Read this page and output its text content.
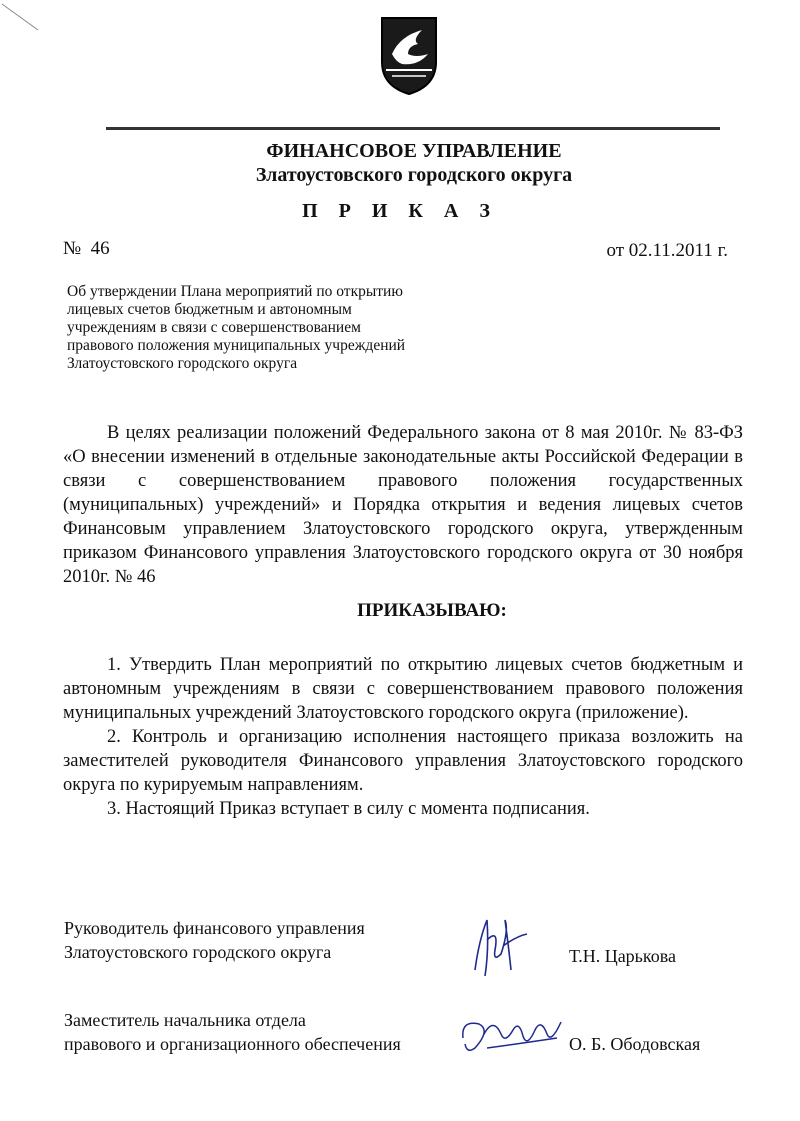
ФИНАНСОВОЕ УПРАВЛЕНИЕ
Златоустовского городского округа
П Р И К А З
№  46	от 02.11.2011 г.
Об утверждении Плана мероприятий по открытию лицевых счетов бюджетным и автономным учреждениям в связи с совершенствованием правового положения муниципальных учреждений Златоустовского городского округа
В целях реализации положений Федерального закона от 8 мая 2010г. № 83-ФЗ «О внесении изменений в отдельные законодательные акты Российской Федерации в связи с совершенствованием правового положения государственных (муниципальных) учреждений» и Порядка открытия и ведения лицевых счетов Финансовым управлением Златоустовского городского округа, утвержденным приказом Финансового управления Златоустовского городского округа от 30 ноября 2010г. № 46
ПРИКАЗЫВАЮ:

1. Утвердить План мероприятий по открытию лицевых счетов бюджетным и автономным учреждениям в связи с совершенствованием правового положения муниципальных учреждений Златоустовского городского округа (приложение).

2. Контроль и организацию исполнения настоящего приказа возложить на заместителей руководителя Финансового управления Златоустовского городского округа по курируемым направлениям.

3. Настоящий Приказ вступает в силу с момента подписания.

Руководитель финансового управления
Златоустовского городского округа	Т.Н. Царькова
Заместитель начальника отдела
правового и организационного обеспечения	О. Б. Ободовская
